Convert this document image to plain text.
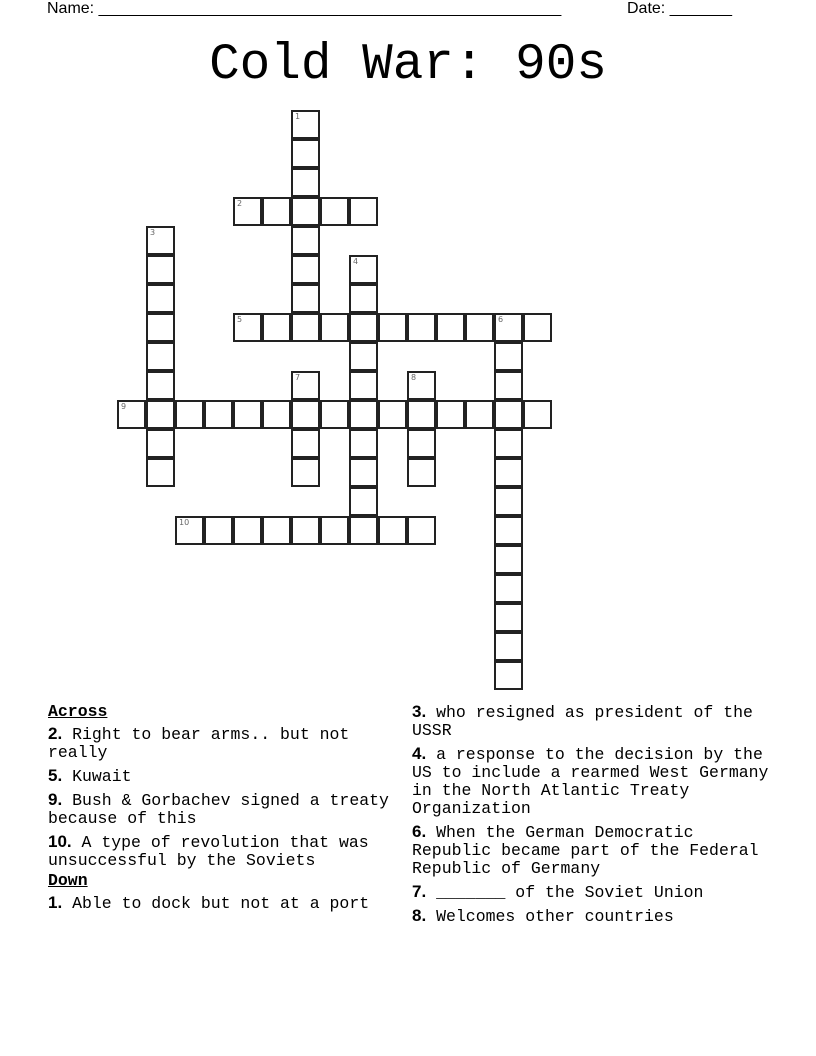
Name: ____________________________________________________	Date: _______
Cold War: 90s
1
2
3
4
5	6
7	8
9
10
Across
2. Right to bear arms.. but not really
5. Kuwait
9. Bush & Gorbachev signed a treaty because of this
10. A type of revolution that was unsuccessful by the Soviets
Down
1. Able to dock but not at a port
3. who resigned as president of the USSR
4. a response to the decision by the US to include a rearmed West Germany in the North Atlantic Treaty Organization
6. When the German Democratic Republic became part of the Federal Republic of Germany
7. _______ of the Soviet Union
8. Welcomes other countries
